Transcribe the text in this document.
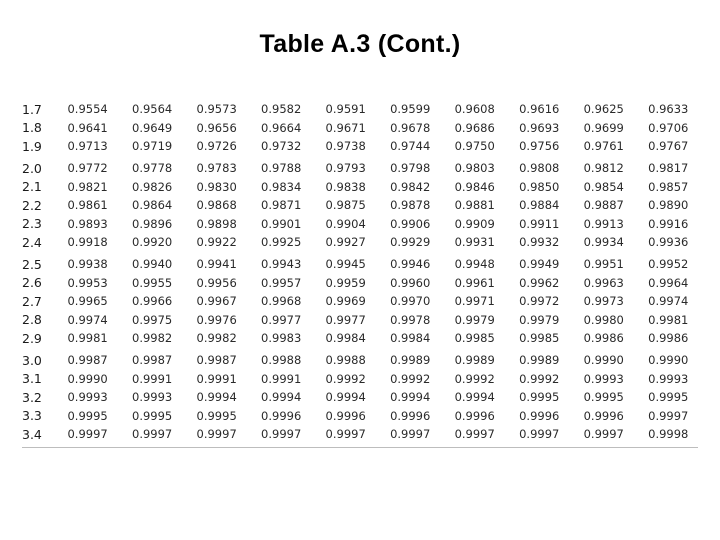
Table A.3 (Cont.)
1.7	0.9554	0.9564	0.9573	0.9582	0.9591	0.9599	0.9608	0.9616	0.9625	0.9633
1.8	0.9641	0.9649	0.9656	0.9664	0.9671	0.9678	0.9686	0.9693	0.9699	0.9706
1.9	0.9713	0.9719	0.9726	0.9732	0.9738	0.9744	0.9750	0.9756	0.9761	0.9767
2.0	0.9772	0.9778	0.9783	0.9788	0.9793	0.9798	0.9803	0.9808	0.9812	0.9817
2.1	0.9821	0.9826	0.9830	0.9834	0.9838	0.9842	0.9846	0.9850	0.9854	0.9857
2.2	0.9861	0.9864	0.9868	0.9871	0.9875	0.9878	0.9881	0.9884	0.9887	0.9890
2.3	0.9893	0.9896	0.9898	0.9901	0.9904	0.9906	0.9909	0.9911	0.9913	0.9916
2.4	0.9918	0.9920	0.9922	0.9925	0.9927	0.9929	0.9931	0.9932	0.9934	0.9936
2.5	0.9938	0.9940	0.9941	0.9943	0.9945	0.9946	0.9948	0.9949	0.9951	0.9952
2.6	0.9953	0.9955	0.9956	0.9957	0.9959	0.9960	0.9961	0.9962	0.9963	0.9964
2.7	0.9965	0.9966	0.9967	0.9968	0.9969	0.9970	0.9971	0.9972	0.9973	0.9974
2.8	0.9974	0.9975	0.9976	0.9977	0.9977	0.9978	0.9979	0.9979	0.9980	0.9981
2.9	0.9981	0.9982	0.9982	0.9983	0.9984	0.9984	0.9985	0.9985	0.9986	0.9986
3.0	0.9987	0.9987	0.9987	0.9988	0.9988	0.9989	0.9989	0.9989	0.9990	0.9990
3.1	0.9990	0.9991	0.9991	0.9991	0.9992	0.9992	0.9992	0.9992	0.9993	0.9993
3.2	0.9993	0.9993	0.9994	0.9994	0.9994	0.9994	0.9994	0.9995	0.9995	0.9995
3.3	0.9995	0.9995	0.9995	0.9996	0.9996	0.9996	0.9996	0.9996	0.9996	0.9997
3.4	0.9997	0.9997	0.9997	0.9997	0.9997	0.9997	0.9997	0.9997	0.9997	0.9998
